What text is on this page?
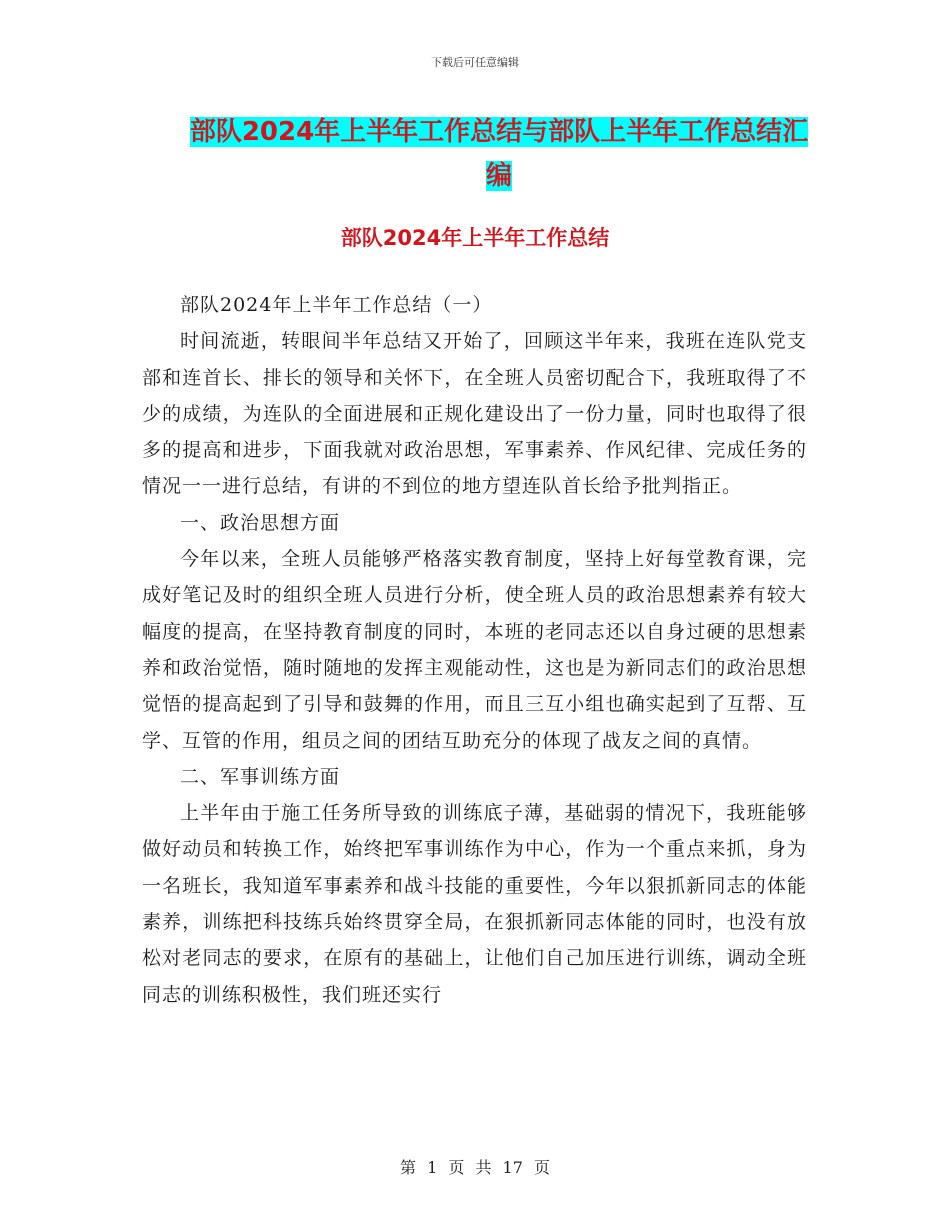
下载后可任意编辑
部队2024年上半年工作总结与部队上半年工作总结汇编
部队2024年上半年工作总结

部队2024年上半年工作总结（一）

时间流逝，转眼间半年总结又开始了，回顾这半年来，我班在连队党支部和连首长、排长的领导和关怀下，在全班人员密切配合下，我班取得了不少的成绩，为连队的全面进展和正规化建设出了一份力量，同时也取得了很多的提高和进步，下面我就对政治思想，军事素养、作风纪律、完成任务的情况一一进行总结，有讲的不到位的地方望连队首长给予批判指正。

一、政治思想方面

今年以来，全班人员能够严格落实教育制度，坚持上好每堂教育课，完成好笔记及时的组织全班人员进行分析，使全班人员的政治思想素养有较大幅度的提高，在坚持教育制度的同时，本班的老同志还以自身过硬的思想素养和政治觉悟，随时随地的发挥主观能动性，这也是为新同志们的政治思想觉悟的提高起到了引导和鼓舞的作用，而且三互小组也确实起到了互帮、互学、互管的作用，组员之间的团结互助充分的体现了战友之间的真情。

二、军事训练方面

上半年由于施工任务所导致的训练底子薄，基础弱的情况下，我班能够做好动员和转换工作，始终把军事训练作为中心，作为一个重点来抓，身为一名班长，我知道军事素养和战斗技能的重要性，今年以狠抓新同志的体能素养，训练把科技练兵始终贯穿全局，在狠抓新同志体能的同时，也没有放松对老同志的要求，在原有的基础上，让他们自己加压进行训练，调动全班同志的训练积极性，我们班还实行

第 1 页 共 17 页
